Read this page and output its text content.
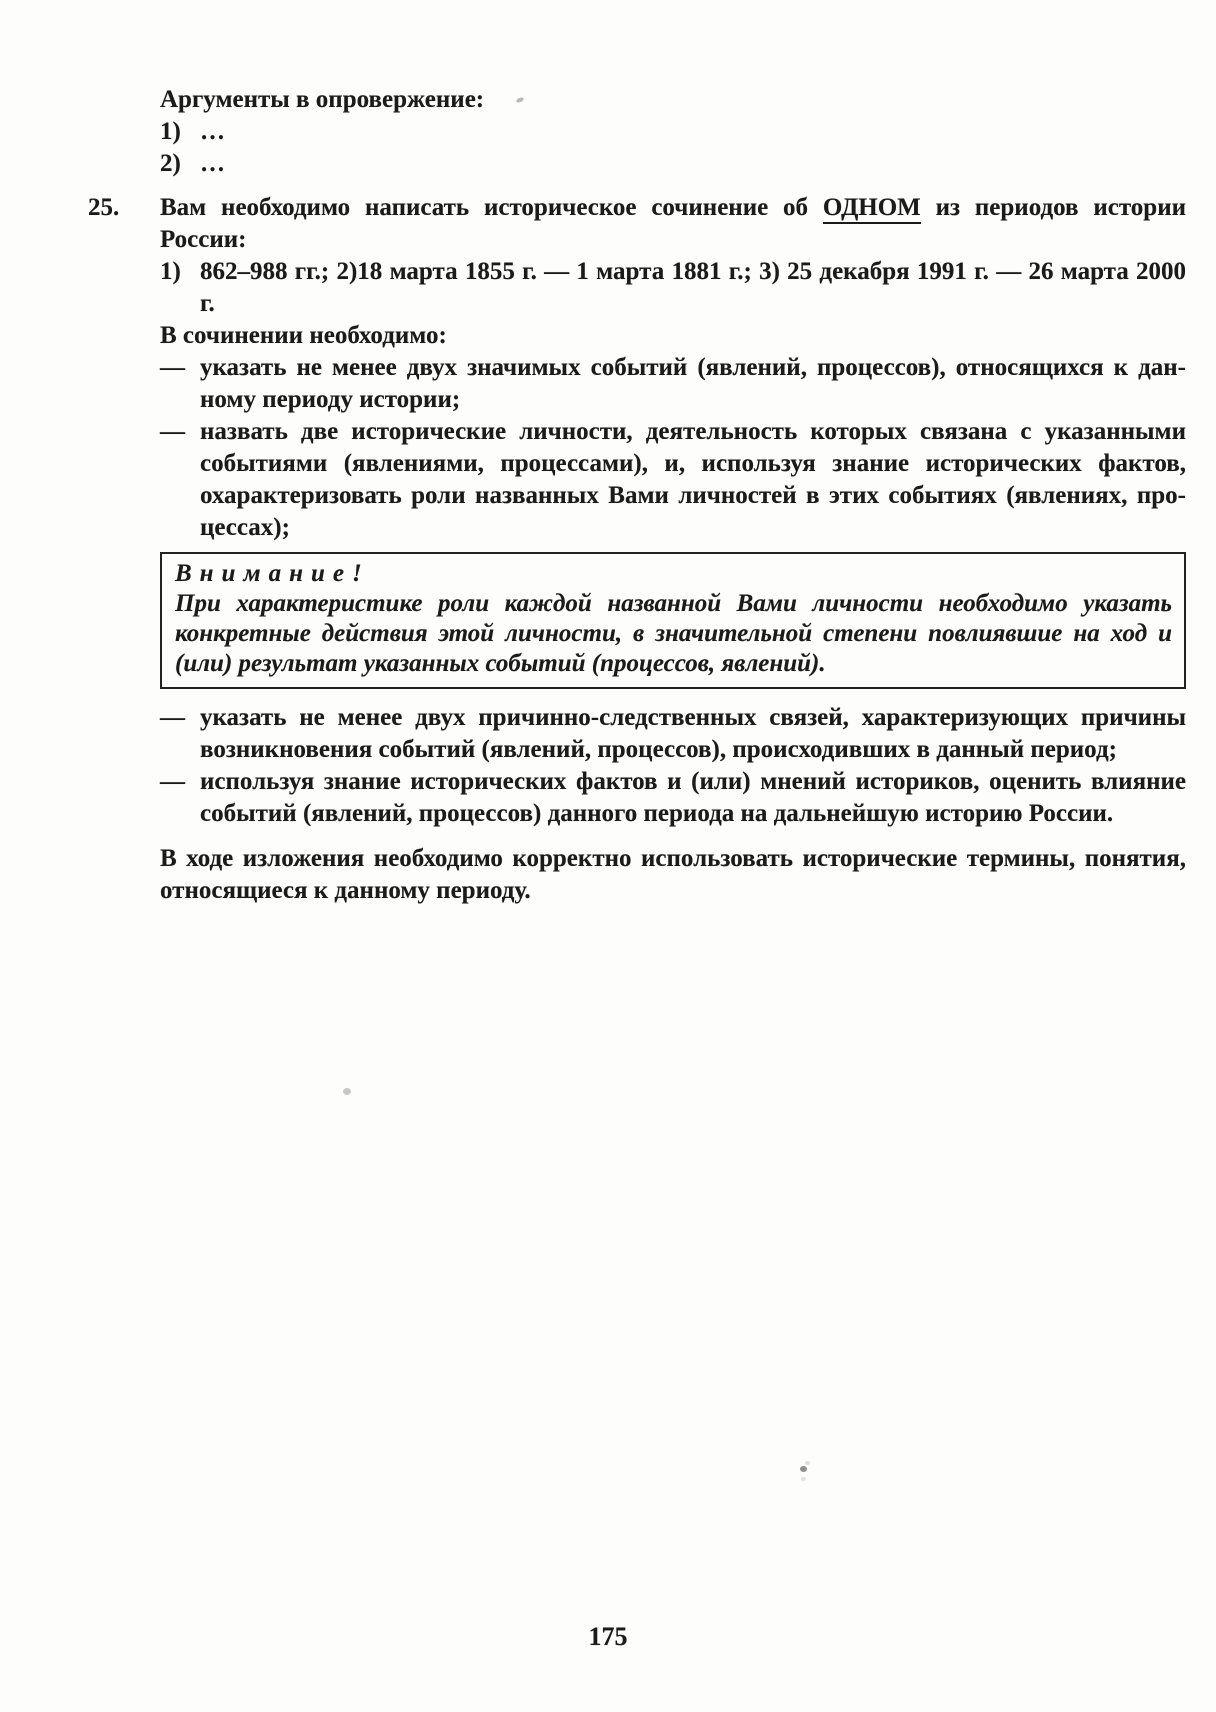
25.
Аргументы в опровержение:
1) …
2) …
Вам необходимо написать историческое сочинение об ОДНОМ из периодов истории России:
1) 862–988 гг.; 2)18 марта 1855 г. — 1 марта 1881 г.; 3) 25 декабря 1991 г. — 26 марта 2000 г.
В сочинении необходимо:
— указать не менее двух значимых событий (явлений, процессов), относящихся к данному периоду истории;
— назвать две исторические личности, деятельность которых связана с указанными событиями (явлениями, процессами), и, используя знание исторических фактов, охарактеризовать роли названных Вами личностей в этих событиях (явлениях, процессах);
Внимание!
При характеристике роли каждой названной Вами личности необходимо указать конкретные действия этой личности, в значительной степени повлиявшие на ход и (или) результат указанных событий (процессов, явлений).
— указать не менее двух причинно-следственных связей, характеризующих причины возникновения событий (явлений, процессов), происходивших в данный период;
— используя знание исторических фактов и (или) мнений историков, оценить влияние событий (явлений, процессов) данного периода на дальнейшую историю России.
В ходе изложения необходимо корректно использовать исторические термины, понятия, относящиеся к данному периоду.
175
